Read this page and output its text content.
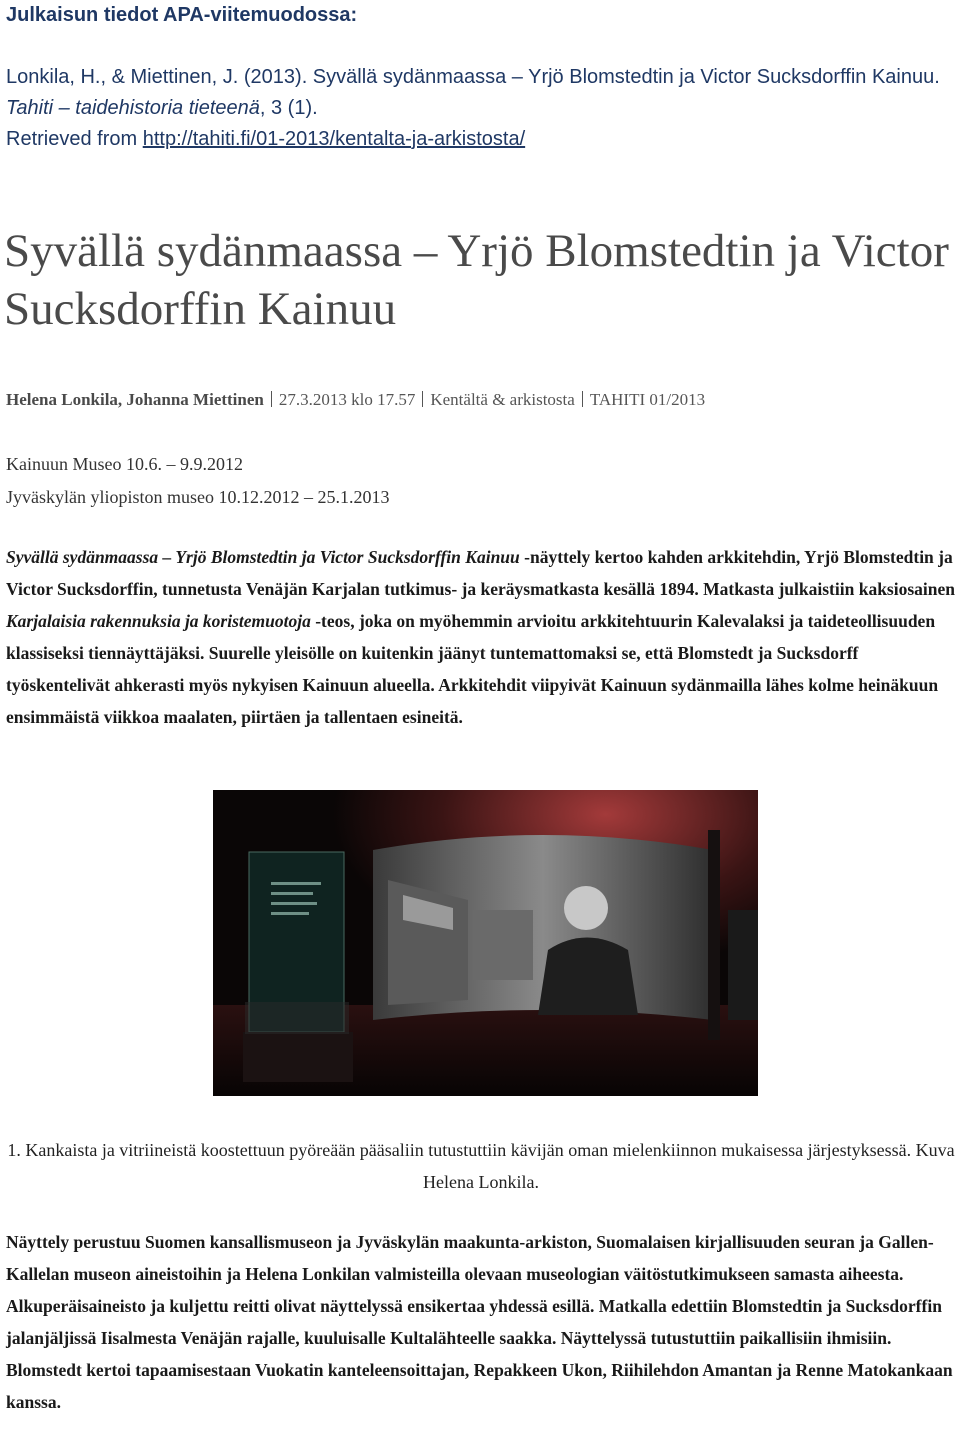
Julkaisun tiedot APA-viitemuodossa:

Lonkila, H., & Miettinen, J. (2013). Syvällä sydänmaassa – Yrjö Blomstedtin ja Victor Sucksdorffin Kainuu. Tahiti – taidehistoria tieteenä, 3 (1).
Retrieved from http://tahiti.fi/01-2013/kentalta-ja-arkistosta/

Syvällä sydänmaassa – Yrjö Blomstedtin ja Victor Sucksdorffin Kainuu

Helena Lonkila, Johanna Miettinen 27.3.2013 klo 17.57 Kentältä & arkistosta TAHITI 01/2013

Kainuun Museo 10.6. – 9.9.2012
Jyväskylän yliopiston museo 10.12.2012 – 25.1.2013

Syvällä sydänmaassa – Yrjö Blomstedtin ja Victor Sucksdorffin Kainuu -näyttely kertoo kahden arkkitehdin, Yrjö Blomstedtin ja Victor Sucksdorffin, tunnetusta Venäjän Karjalan tutkimus- ja keräysmatkasta kesällä 1894. Matkasta julkaistiin kaksiosainen Karjalaisia rakennuksia ja koristemuotoja -teos, joka on myöhemmin arvioitu arkkitehtuurin Kalevalaksi ja taideteollisuuden klassiseksi tiennäyttäjäksi. Suurelle yleisölle on kuitenkin jäänyt tuntemattomaksi se, että Blomstedt ja Sucksdorff työskentelivät ahkerasti myös nykyisen Kainuun alueella. Arkkitehdit viipyivät Kainuun sydänmailla lähes kolme heinäkuun ensimmäistä viikkoa maalaten, piirtäen ja tallentaen esineitä.

1. Kankaista ja vitriineistä koostettuun pyöreään pääsaliin tutustuttiin kävijän oman mielenkiinnon mukaisessa järjestyksessä. Kuva Helena Lonkila.

Näyttely perustuu Suomen kansallismuseon ja Jyväskylän maakunta-arkiston, Suomalaisen kirjallisuuden seuran ja Gallen-Kallelan museon aineistoihin ja Helena Lonkilan valmisteilla olevaan museologian väitöstutkimukseen samasta aiheesta. Alkuperäisaineisto ja kuljettu reitti olivat näyttelyssä ensikertaa yhdessä esillä. Matkalla edettiin Blomstedtin ja Sucksdorffin jalanjäljissä Iisalmesta Venäjän rajalle, kuuluisalle Kultalähteelle saakka. Näyttelyssä tutustuttiin paikallisiin ihmisiin. Blomstedt kertoi tapaamisestaan Vuokatin kanteleensoittajan, Repakkeen Ukon, Riihilehdon Amantan ja Renne Matokankaan kanssa.
